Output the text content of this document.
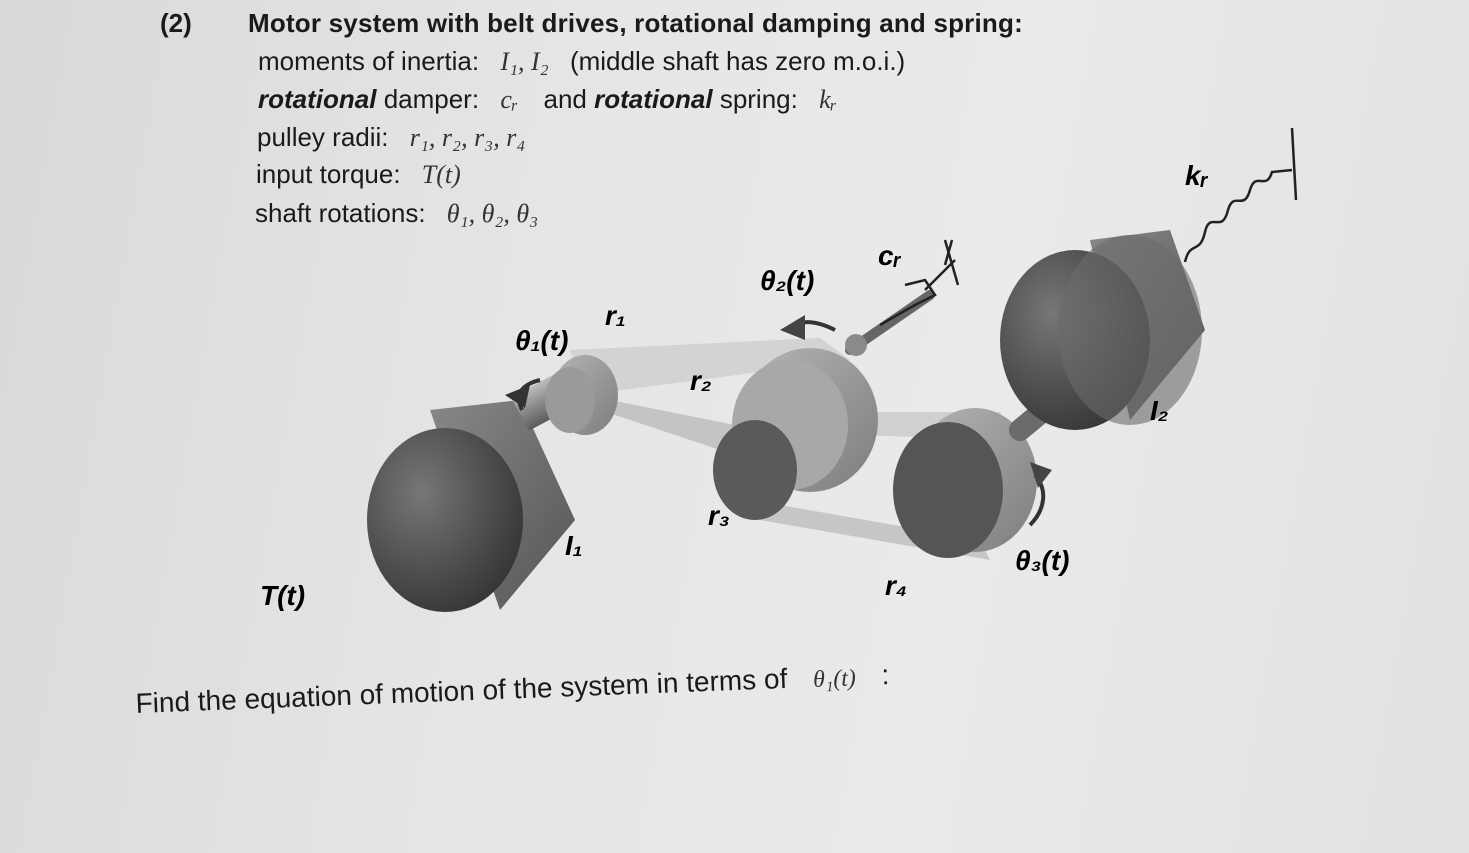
(2) Motor system with belt drives, rotational damping and spring:
moments of inertia: I₁, I₂ (middle shaft has zero m.o.i.)
rotational damper: cᵣ and rotational spring: kᵣ
pulley radii: r₁, r₂, r₃, r₄
input torque: T(t)
shaft rotations: θ₁, θ₂, θ₃
T(t)
θ₁(t)
θ₂(t)
θ₃(t)
r₁
r₂
r₃
r₄
I₁
I₂
cᵣ
kᵣ
Find the equation of motion of the system in terms of θ₁(t) :
